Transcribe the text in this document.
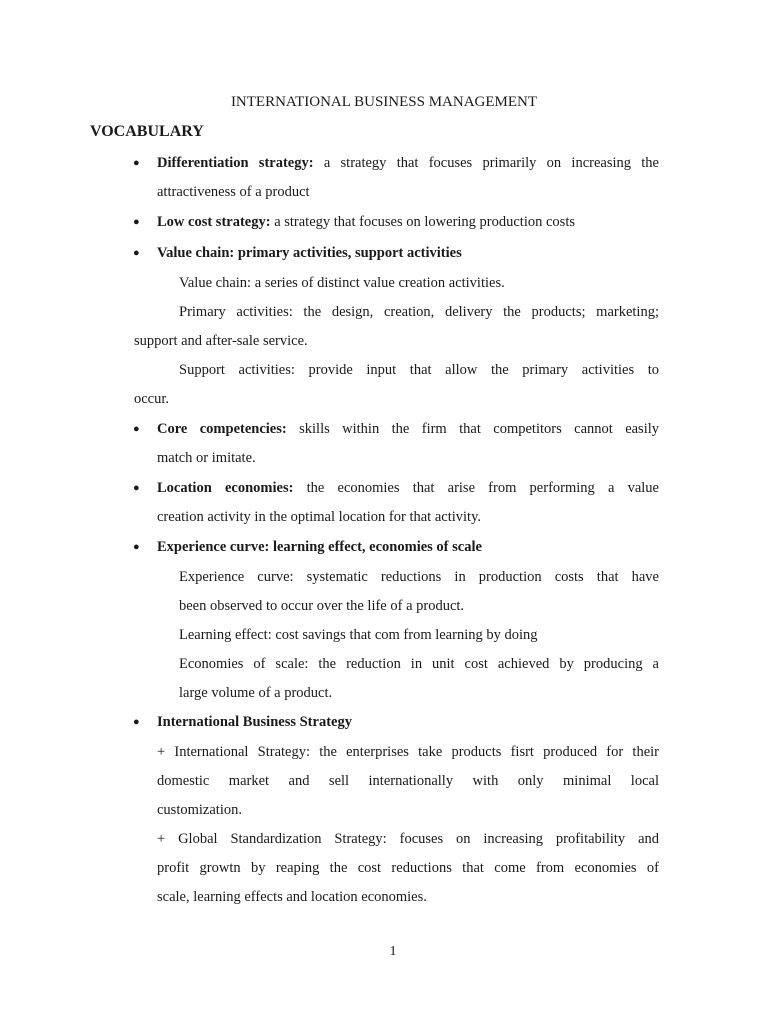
INTERNATIONAL BUSINESS MANAGEMENT
VOCABULARY
● Differentiation strategy: a strategy that focuses primarily on increasing the
attractiveness of a product
● Low cost strategy: a strategy that focuses on lowering production costs
● Value chain: primary activities, support activities
Value chain: a series of distinct value creation activities.
Primary activities: the design, creation, delivery the products; marketing;
support and after-sale service.
Support activities: provide input that allow the primary activities to
occur.
● Core competencies: skills within the firm that competitors cannot easily
match or imitate.
● Location economies: the economies that arise from performing a value
creation activity in the optimal location for that activity.
● Experience curve: learning effect, economies of scale
Experience curve: systematic reductions in production costs that have
been observed to occur over the life of a product.
Learning effect: cost savings that com from learning by doing
Economies of scale: the reduction in unit cost achieved by producing a
large volume of a product.
● International Business Strategy
+ International Strategy: the enterprises take products fisrt produced for their
domestic market and sell internationally with only minimal local
customization.
+ Global Standardization Strategy: focuses on increasing profitability and
profit growtn by reaping the cost reductions that come from economies of
scale, learning effects and location economies.
1
